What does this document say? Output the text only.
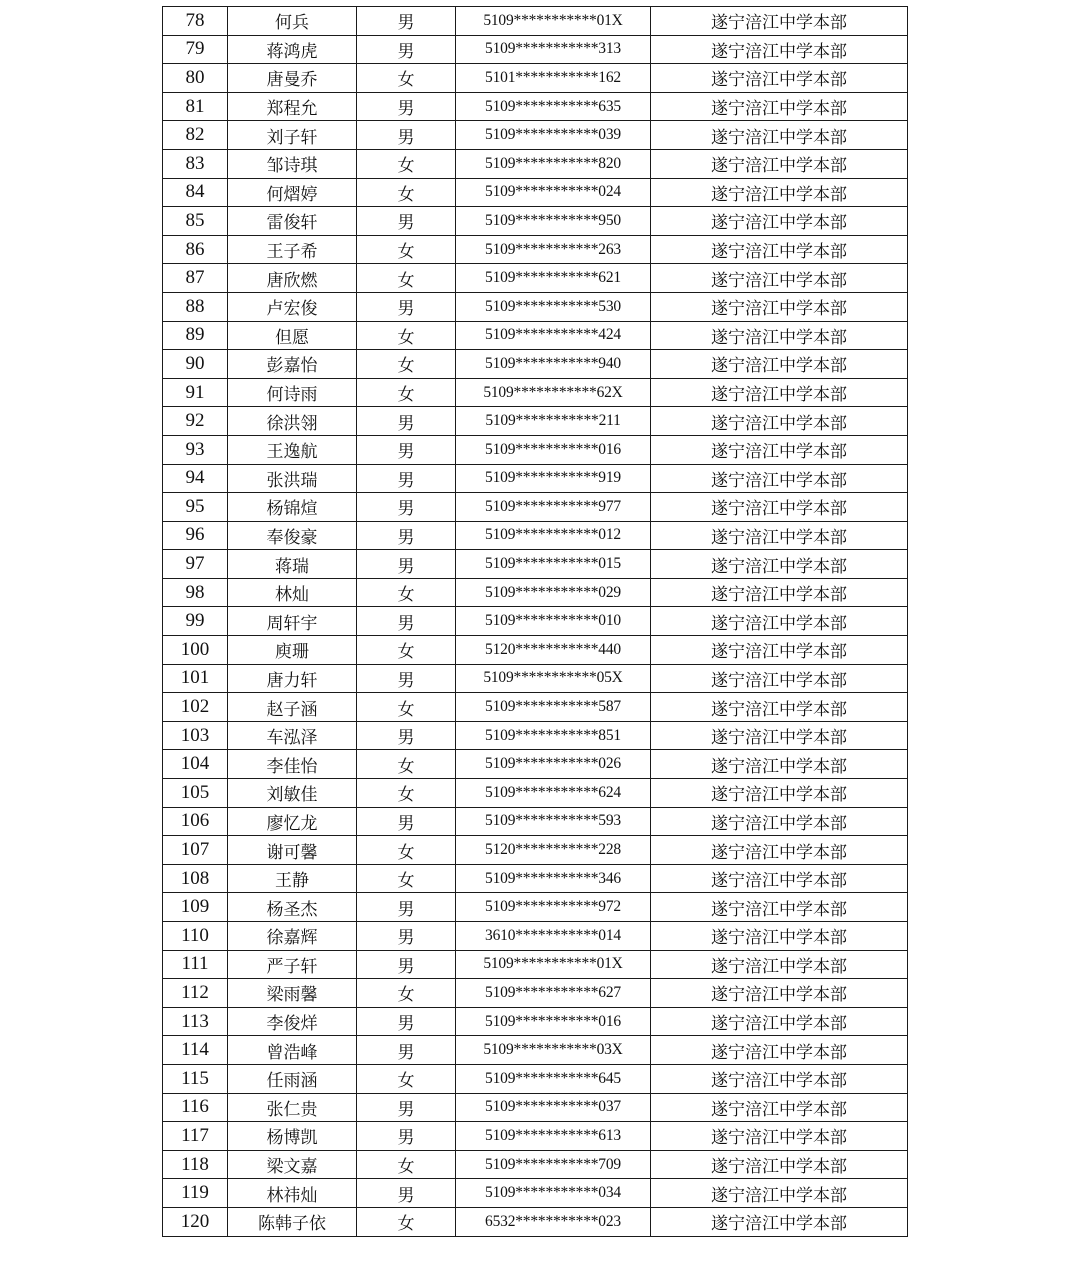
78	何兵	男	5109***********01X	遂宁涪江中学本部
79	蒋鸿虎	男	5109***********313	遂宁涪江中学本部
80	唐曼乔	女	5101***********162	遂宁涪江中学本部
81	郑程允	男	5109***********635	遂宁涪江中学本部
82	刘子轩	男	5109***********039	遂宁涪江中学本部
83	邹诗琪	女	5109***********820	遂宁涪江中学本部
84	何熠婷	女	5109***********024	遂宁涪江中学本部
85	雷俊轩	男	5109***********950	遂宁涪江中学本部
86	王子希	女	5109***********263	遂宁涪江中学本部
87	唐欣燃	女	5109***********621	遂宁涪江中学本部
88	卢宏俊	男	5109***********530	遂宁涪江中学本部
89	但愿	女	5109***********424	遂宁涪江中学本部
90	彭嘉怡	女	5109***********940	遂宁涪江中学本部
91	何诗雨	女	5109***********62X	遂宁涪江中学本部
92	徐洪翎	男	5109***********211	遂宁涪江中学本部
93	王逸航	男	5109***********016	遂宁涪江中学本部
94	张洪瑞	男	5109***********919	遂宁涪江中学本部
95	杨锦煊	男	5109***********977	遂宁涪江中学本部
96	奉俊豪	男	5109***********012	遂宁涪江中学本部
97	蒋瑞	男	5109***********015	遂宁涪江中学本部
98	林灿	女	5109***********029	遂宁涪江中学本部
99	周轩宇	男	5109***********010	遂宁涪江中学本部
100	庾珊	女	5120***********440	遂宁涪江中学本部
101	唐力轩	男	5109***********05X	遂宁涪江中学本部
102	赵子涵	女	5109***********587	遂宁涪江中学本部
103	车泓泽	男	5109***********851	遂宁涪江中学本部
104	李佳怡	女	5109***********026	遂宁涪江中学本部
105	刘敏佳	女	5109***********624	遂宁涪江中学本部
106	廖忆龙	男	5109***********593	遂宁涪江中学本部
107	谢可馨	女	5120***********228	遂宁涪江中学本部
108	王静	女	5109***********346	遂宁涪江中学本部
109	杨圣杰	男	5109***********972	遂宁涪江中学本部
110	徐嘉辉	男	3610***********014	遂宁涪江中学本部
111	严子轩	男	5109***********01X	遂宁涪江中学本部
112	梁雨馨	女	5109***********627	遂宁涪江中学本部
113	李俊烊	男	5109***********016	遂宁涪江中学本部
114	曾浩峰	男	5109***********03X	遂宁涪江中学本部
115	任雨涵	女	5109***********645	遂宁涪江中学本部
116	张仁贵	男	5109***********037	遂宁涪江中学本部
117	杨博凯	男	5109***********613	遂宁涪江中学本部
118	梁文嘉	女	5109***********709	遂宁涪江中学本部
119	林祎灿	男	5109***********034	遂宁涪江中学本部
120	陈韩子依	女	6532***********023	遂宁涪江中学本部
